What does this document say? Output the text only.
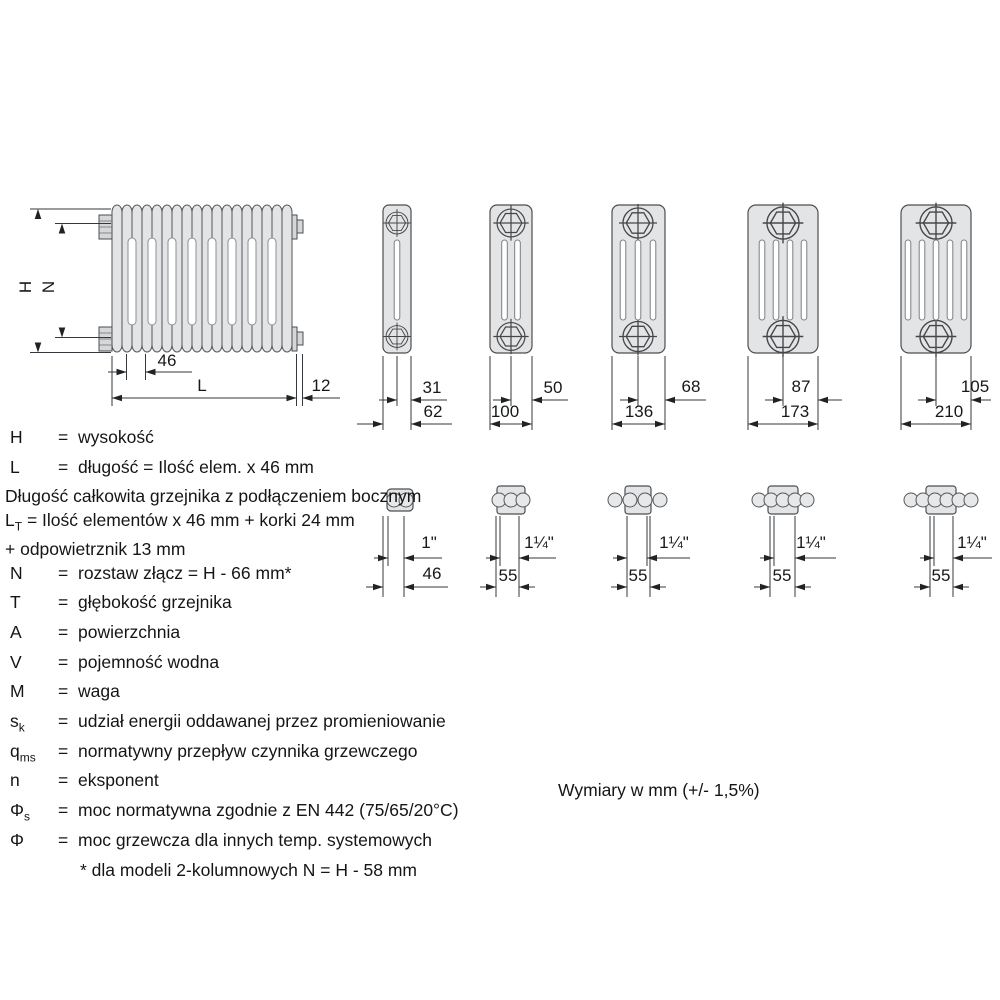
H N
46
L	12	31
62
50
100
68
136
87
173
105
210
1"
46
1¼"
55
1¼"
55
1¼"
55
1¼"
55
H	= wysokość
L	= długość = Ilość elem. x 46 mm
Długość całkowita grzejnika z podłączeniem bocznym
$L_T$ = Ilość elementów x 46 mm + korki 24 mm
+ odpowietrznik 13 mm
N	= rozstaw złącz = H - 66 mm*
T	= głębokość grzejnika
A	= powierzchnia
V	= pojemność wodna
M	= waga
$s_k$	= udział energii oddawanej przez promieniowanie
$q_{ms}$	= normatywny przepływ czynnika grzewczego
n	= eksponent
$\Phi_s$	= moc normatywna zgodnie z EN 442 (75/65/20°C)
Φ	= moc grzewcza dla innych temp. systemowych
* dla modeli 2-kolumnowych N = H - 58 mm
Wymiary w mm (+/- 1,5%)
